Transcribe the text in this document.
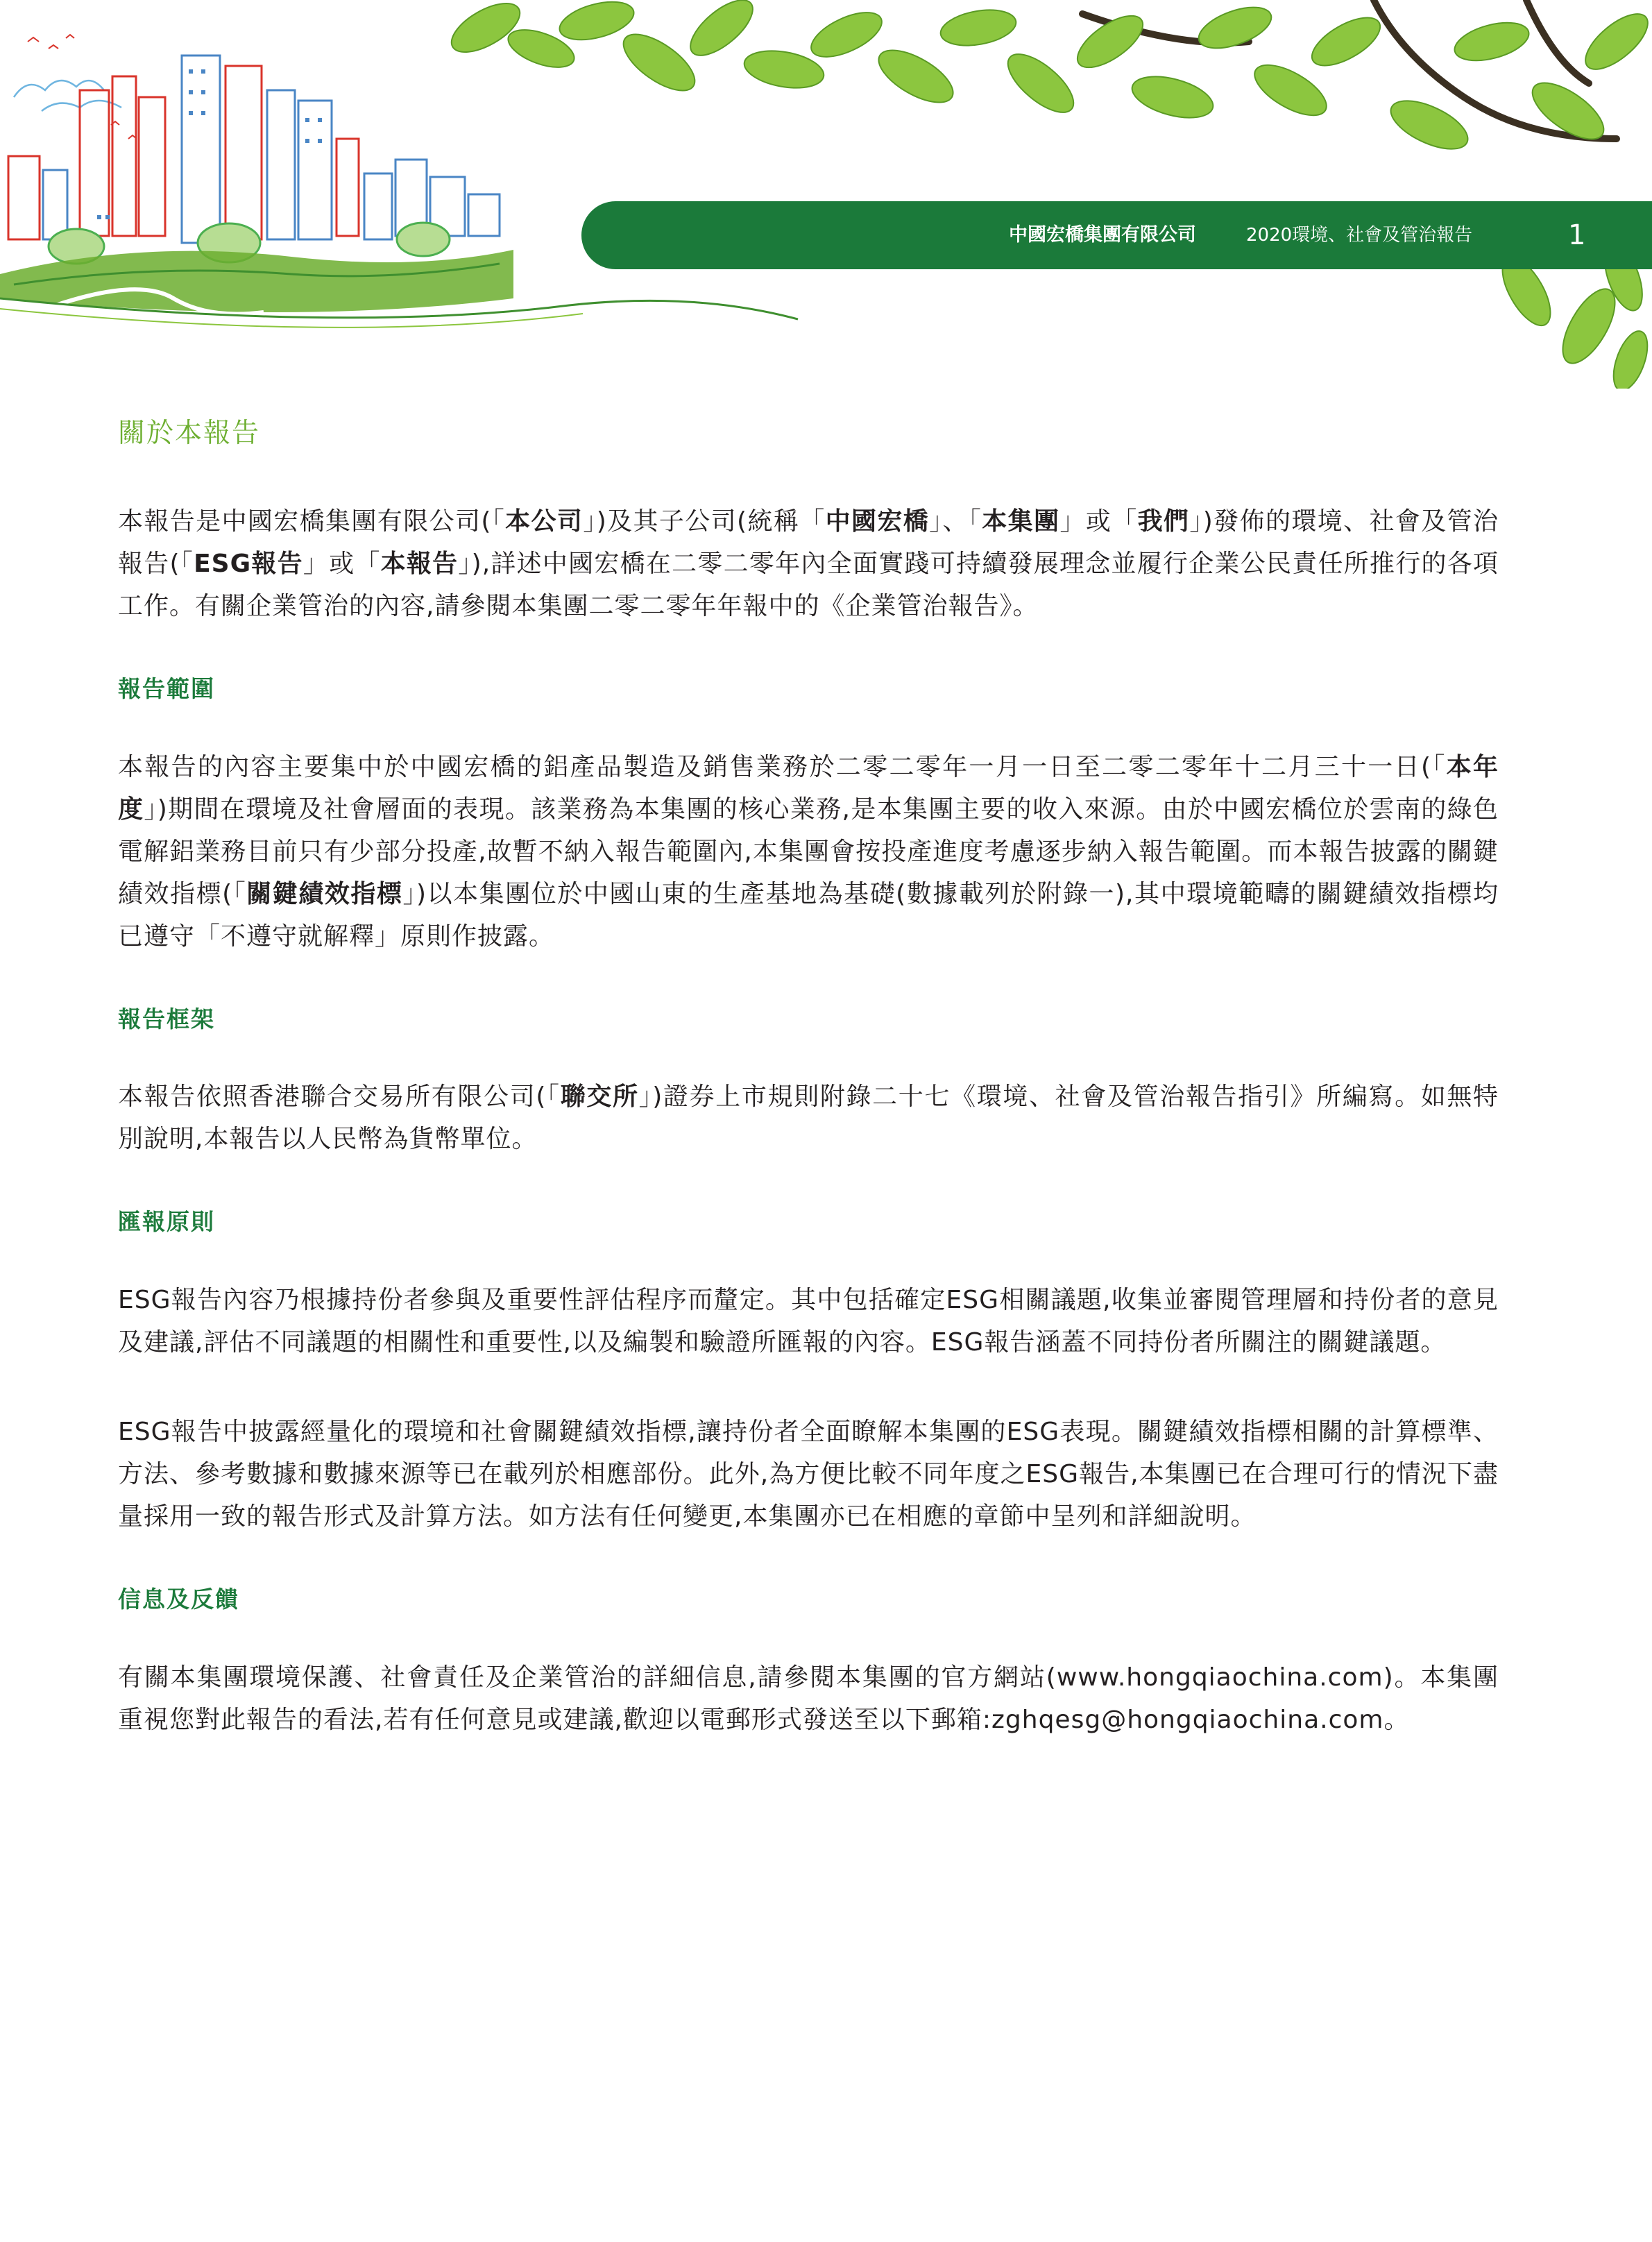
中國宏橋集團有限公司	2020環境、社會及管治報告	1
關於本報告

本報告是中國宏橋集團有限公司(「本公司」)及其子公司(統稱「中國宏橋」、「本集團」或「我們」)發佈的環境、社會及管治報告(「ESG報告」或「本報告」),詳述中國宏橋在二零二零年內全面實踐可持續發展理念並履行企業公民責任所推行的各項工作。有關企業管治的內容,請參閱本集團二零二零年年報中的《企業管治報告》。

報告範圍

本報告的內容主要集中於中國宏橋的鋁產品製造及銷售業務於二零二零年一月一日至二零二零年十二月三十一日(「本年度」)期間在環境及社會層面的表現。該業務為本集團的核心業務,是本集團主要的收入來源。由於中國宏橋位於雲南的綠色電解鋁業務目前只有少部分投產,故暫不納入報告範圍內,本集團會按投產進度考慮逐步納入報告範圍。而本報告披露的關鍵績效指標(「關鍵績效指標」)以本集團位於中國山東的生產基地為基礎(數據載列於附錄一),其中環境範疇的關鍵績效指標均已遵守「不遵守就解釋」原則作披露。

報告框架

本報告依照香港聯合交易所有限公司(「聯交所」)證券上市規則附錄二十七《環境、社會及管治報告指引》所編寫。如無特別說明,本報告以人民幣為貨幣單位。

匯報原則

ESG報告內容乃根據持份者參與及重要性評估程序而釐定。其中包括確定ESG相關議題,收集並審閱管理層和持份者的意見及建議,評估不同議題的相關性和重要性,以及編製和驗證所匯報的內容。ESG報告涵蓋不同持份者所關注的關鍵議題。

ESG報告中披露經量化的環境和社會關鍵績效指標,讓持份者全面瞭解本集團的ESG表現。關鍵績效指標相關的計算標準、方法、參考數據和數據來源等已在載列於相應部份。此外,為方便比較不同年度之ESG報告,本集團已在合理可行的情況下盡量採用一致的報告形式及計算方法。如方法有任何變更,本集團亦已在相應的章節中呈列和詳細說明。

信息及反饋

有關本集團環境保護、社會責任及企業管治的詳細信息,請參閱本集團的官方網站(www.hongqiaochina.com)。本集團重視您對此報告的看法,若有任何意見或建議,歡迎以電郵形式發送至以下郵箱:zghqesg@hongqiaochina.com。
